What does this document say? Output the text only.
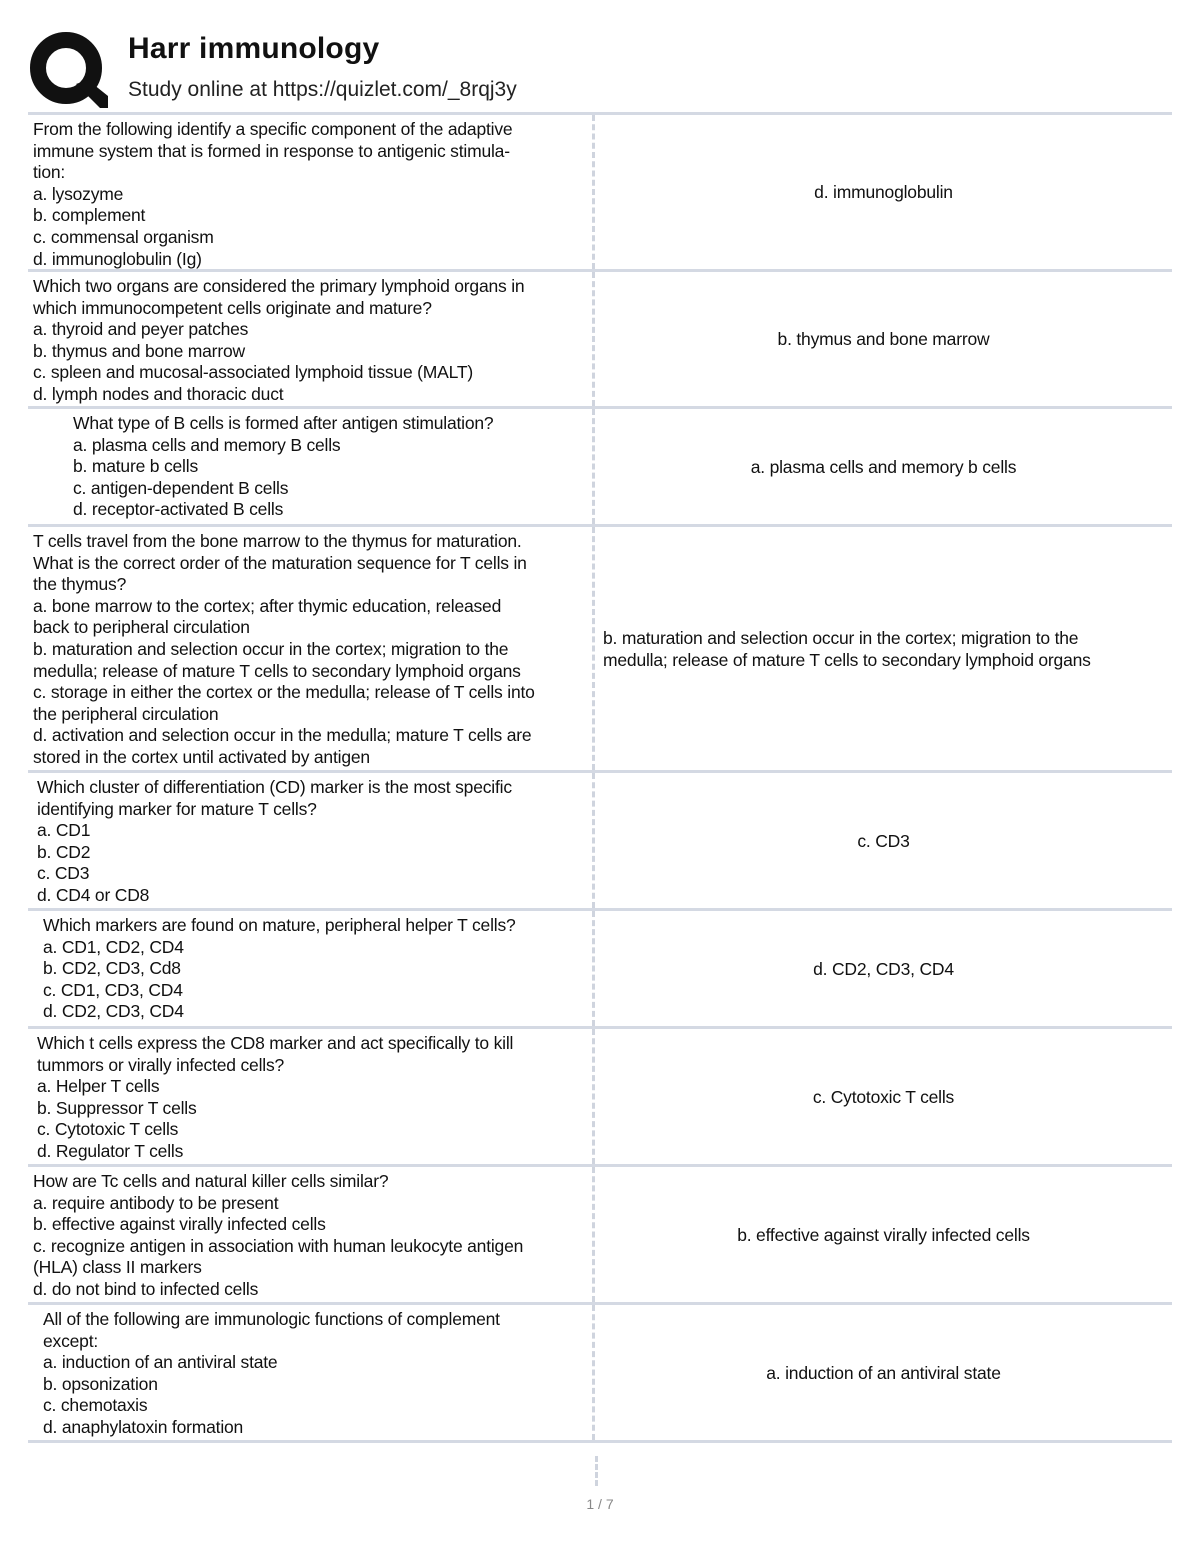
Harr immunology
Study online at https://quizlet.com/_8rqj3y
From the following identify a specific component of the adaptive
immune system that is formed in response to antigenic stimula-
tion:
a. lysozyme
b. complement
c. commensal organism
d. immunoglobulin (Ig)
d. immunoglobulin
Which two organs are considered the primary lymphoid organs in
which immunocompetent cells originate and mature?
a. thyroid and peyer patches
b. thymus and bone marrow
c. spleen and mucosal-associated lymphoid tissue (MALT)
d. lymph nodes and thoracic duct
b. thymus and bone marrow
What type of B cells is formed after antigen stimulation?
a. plasma cells and memory B cells
b. mature b cells
c. antigen-dependent B cells
d. receptor-activated B cells
a. plasma cells and memory b cells
T cells travel from the bone marrow to the thymus for maturation.
What is the correct order of the maturation sequence for T cells in
the thymus?
a. bone marrow to the cortex; after thymic education, released
back to peripheral circulation
b. maturation and selection occur in the cortex; migration to the
medulla; release of mature T cells to secondary lymphoid organs
c. storage in either the cortex or the medulla; release of T cells into
the peripheral circulation
d. activation and selection occur in the medulla; mature T cells are
stored in the cortex until activated by antigen
b. maturation and selection occur in the cortex; migration to the
medulla; release of mature T cells to secondary lymphoid organs
Which cluster of differentiation (CD) marker is the most specific
identifying marker for mature T cells?
a. CD1
b. CD2
c. CD3
d. CD4 or CD8
c. CD3
Which markers are found on mature, peripheral helper T cells?
a. CD1, CD2, CD4
b. CD2, CD3, Cd8
c. CD1, CD3, CD4
d. CD2, CD3, CD4
d. CD2, CD3, CD4
Which t cells express the CD8 marker and act specifically to kill
tummors or virally infected cells?
a. Helper T cells
b. Suppressor T cells
c. Cytotoxic T cells
d. Regulator T cells
c. Cytotoxic T cells
How are Tc cells and natural killer cells similar?
a. require antibody to be present
b. effective against virally infected cells
c. recognize antigen in association with human leukocyte antigen
(HLA) class II markers
d. do not bind to infected cells
b. effective against virally infected cells
All of the following are immunologic functions of complement
except:
a. induction of an antiviral state
b. opsonization
c. chemotaxis
d. anaphylatoxin formation
a. induction of an antiviral state
1 / 7
